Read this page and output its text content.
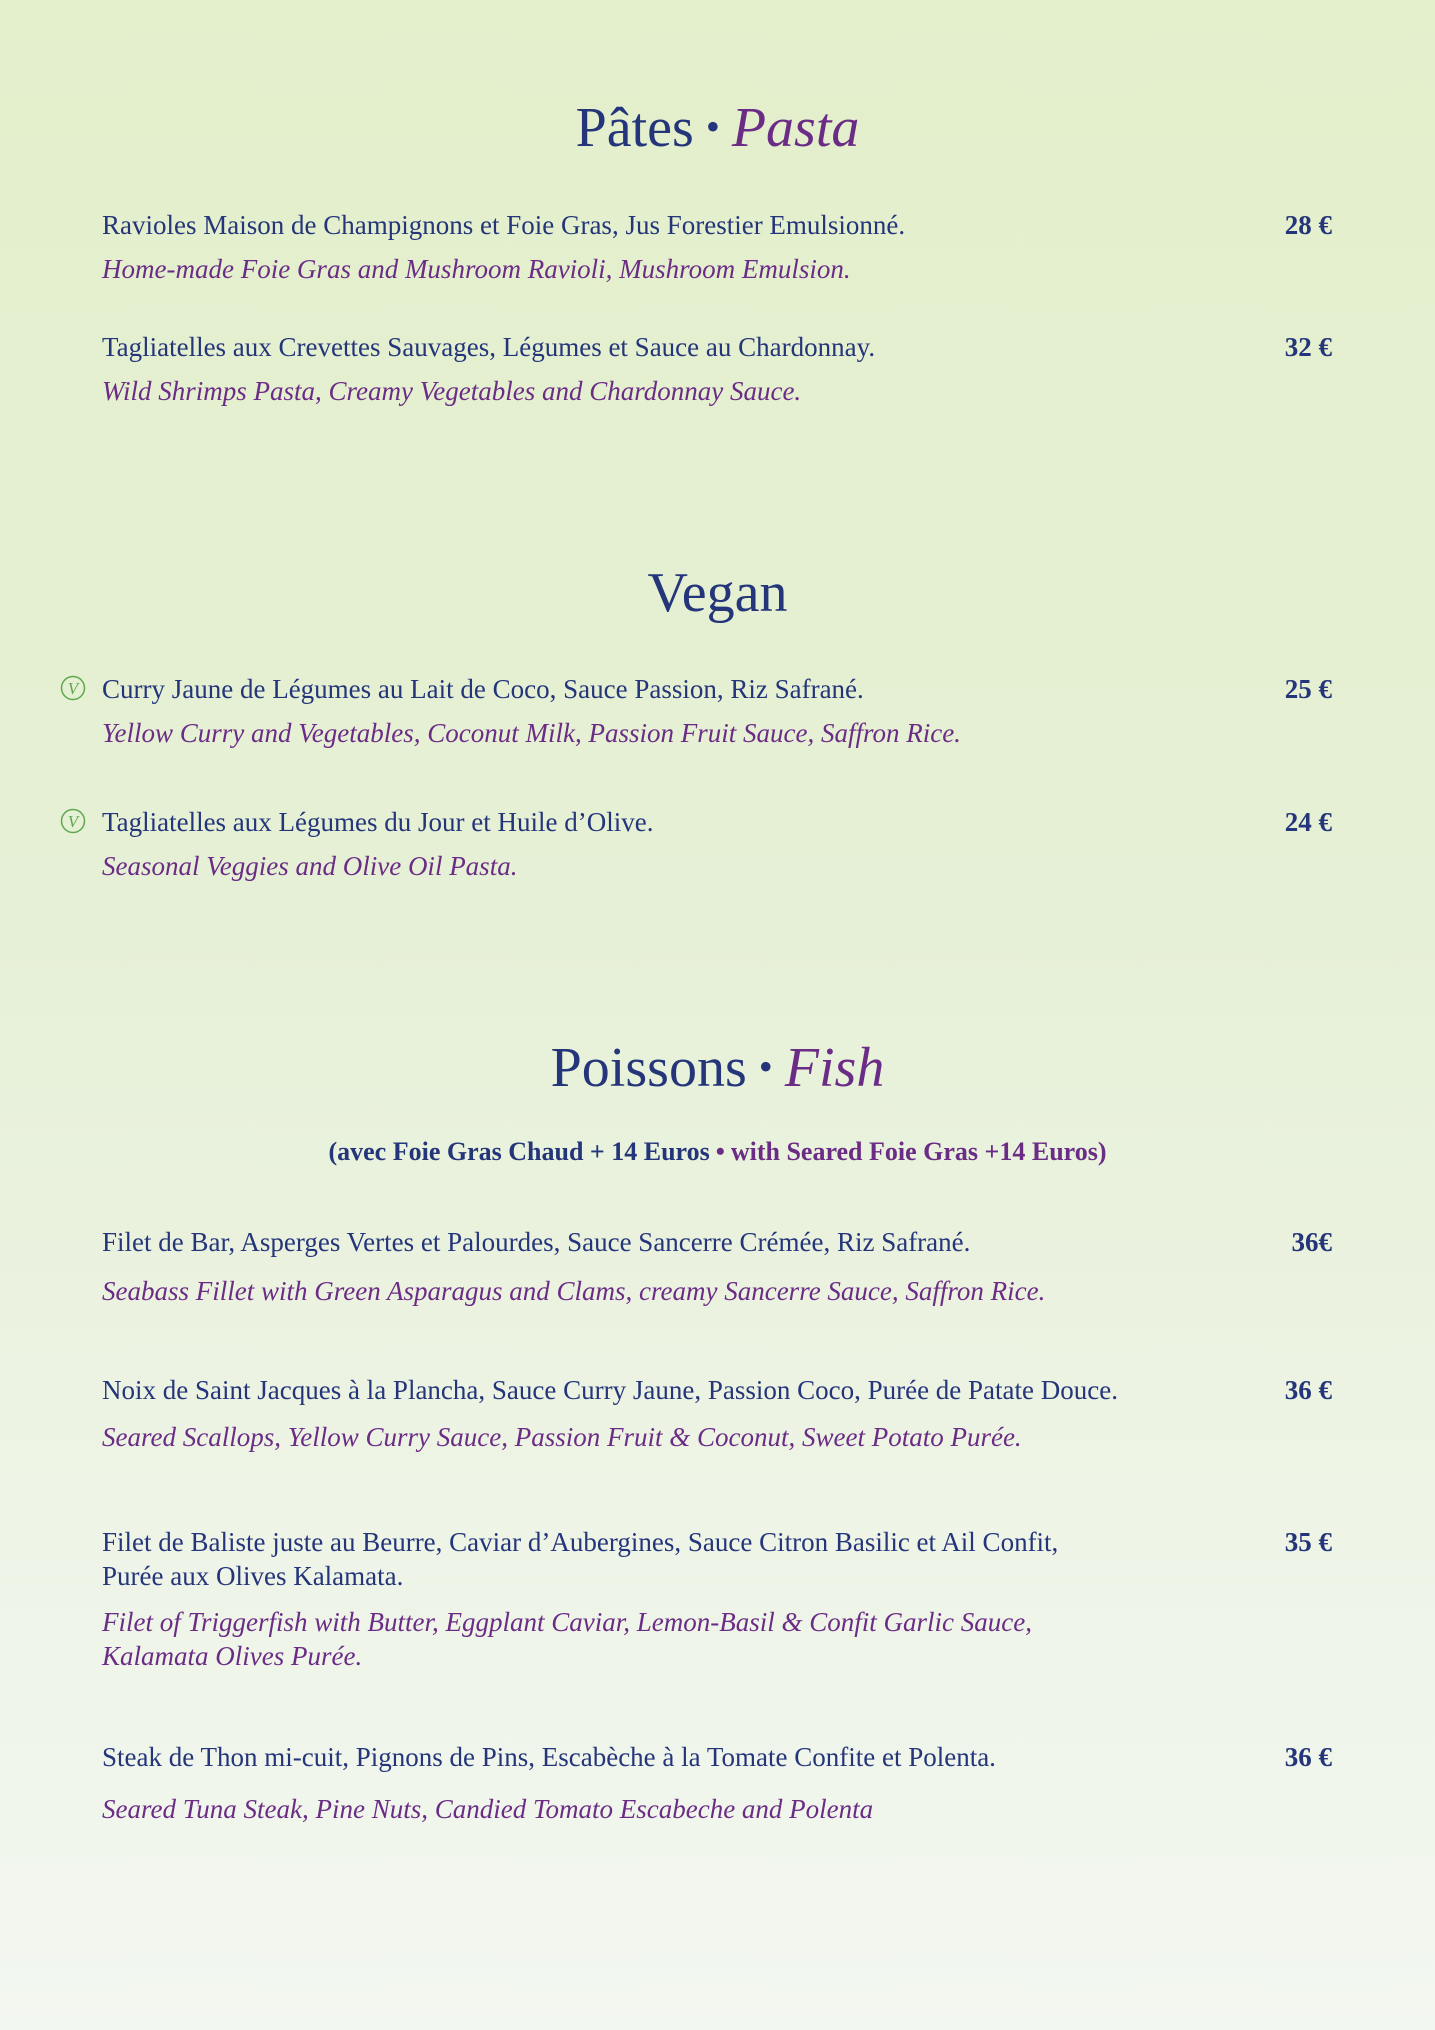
Pâtes • Pasta
Ravioles Maison de Champignons et Foie Gras, Jus Forestier Emulsionné.
Home-made Foie Gras and Mushroom Ravioli, Mushroom Emulsion.
28 €
Tagliatelles aux Crevettes Sauvages, Légumes et Sauce au Chardonnay.
Wild Shrimps Pasta, Creamy Vegetables and Chardonnay Sauce.
32 €
Vegan
V Curry Jaune de Légumes au Lait de Coco, Sauce Passion, Riz Safrané.
Yellow Curry and Vegetables, Coconut Milk, Passion Fruit Sauce, Saffron Rice.
25 €
V Tagliatelles aux Légumes du Jour et Huile d’Olive.
Seasonal Veggies and Olive Oil Pasta.
24 €
Poissons • Fish
(avec Foie Gras Chaud + 14 Euros • with Seared Foie Gras +14 Euros)
Filet de Bar, Asperges Vertes et Palourdes, Sauce Sancerre Crémée, Riz Safrané.
Seabass Fillet with Green Asparagus and Clams, creamy Sancerre Sauce, Saffron Rice.
36€
Noix de Saint Jacques à la Plancha, Sauce Curry Jaune, Passion Coco, Purée de Patate Douce.
Seared Scallops, Yellow Curry Sauce, Passion Fruit & Coconut, Sweet Potato Purée.
36 €
Filet de Baliste juste au Beurre, Caviar d’Aubergines, Sauce Citron Basilic et Ail Confit,
Purée aux Olives Kalamata.
Filet of Triggerfish with Butter, Eggplant Caviar, Lemon-Basil & Confit Garlic Sauce,
Kalamata Olives Purée.
35 €
Steak de Thon mi-cuit, Pignons de Pins, Escabèche à la Tomate Confite et Polenta.
Seared Tuna Steak, Pine Nuts, Candied Tomato Escabeche and Polenta
36 €
